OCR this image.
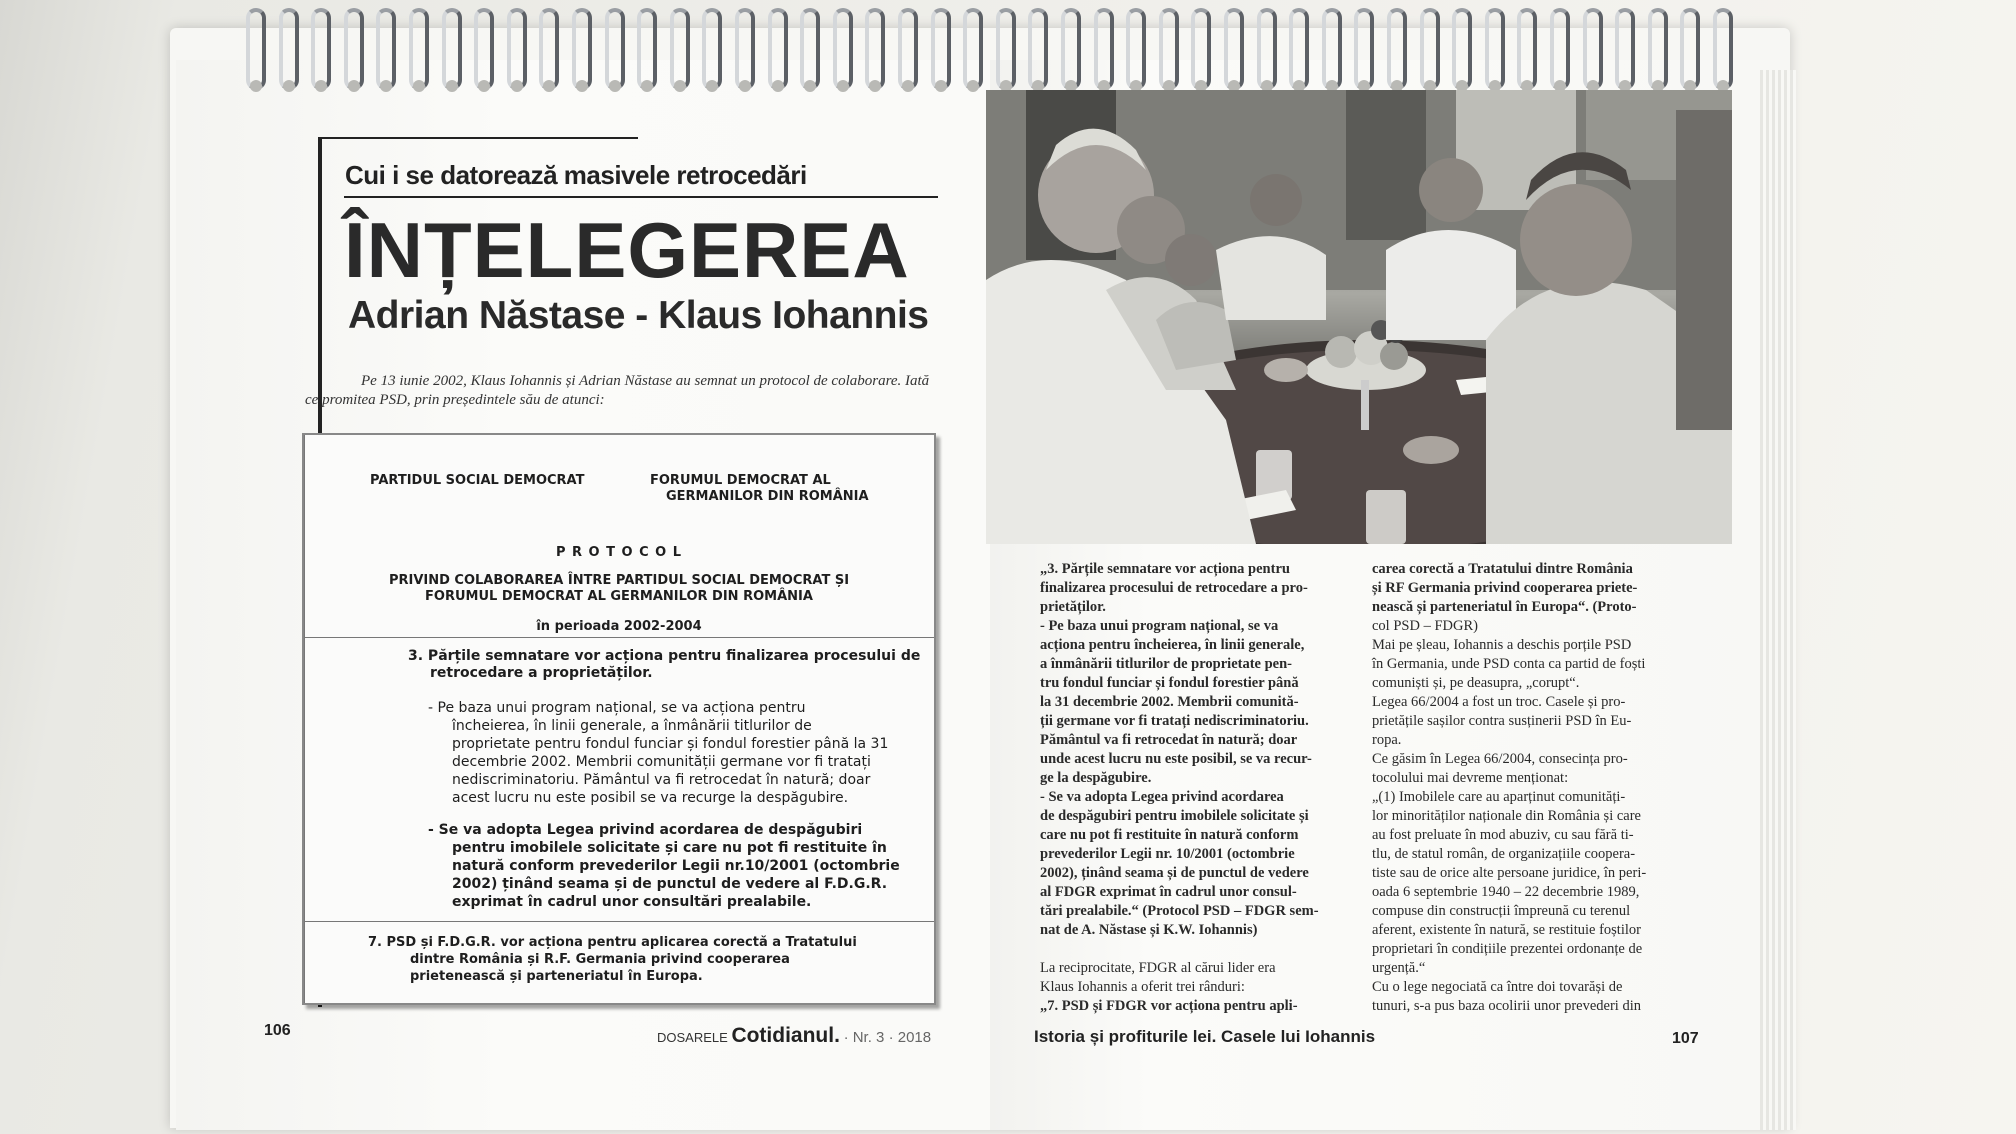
Cui i se datorează masivele retrocedări
ÎNȚELEGEREA
Adrian Năstase - Klaus Iohannis
Pe 13 iunie 2002, Klaus Iohannis și Adrian Năstase au semnat un protocol de colaborare. Iată ce promitea PSD, prin președintele său de atunci:
PARTIDUL SOCIAL DEMOCRAT	FORUMUL DEMOCRAT AL
GERMANILOR DIN ROMÂNIA
P R O T O C O L
PRIVIND COLABORAREA ÎNTRE PARTIDUL SOCIAL DEMOCRAT ȘI
FORUMUL DEMOCRAT AL GERMANILOR DIN ROMÂNIA
în perioada 2002-2004
3. Părțile semnatare vor acționa pentru finalizarea procesului de
retrocedare a proprietăților.
- Pe baza unui program național, se va acționa pentru
încheierea, în linii generale, a înmânării titlurilor de
proprietate pentru fondul funciar și fondul forestier până la 31
decembrie 2002. Membrii comunității germane vor fi tratați
nediscriminatoriu. Pământul va fi retrocedat în natură; doar
acest lucru nu este posibil se va recurge la despăgubire.
- Se va adopta Legea privind acordarea de despăgubiri
pentru imobilele solicitate și care nu pot fi restituite în
natură conform prevederilor Legii nr.10/2001 (octombrie
2002) ținând seama și de punctul de vedere al F.D.G.R.
exprimat în cadrul unor consultări prealabile.
7. PSD și F.D.G.R. vor acționa pentru aplicarea corectă a Tratatului
dintre România și R.F. Germania privind cooperarea
prietenească și parteneriatul în Europa.
106	DOSARELE Cotidianul. · Nr. 3 · 2018

„3. Părțile semnatare vor acționa pentru

finalizarea procesului de retrocedare a pro-

prietăților.

- Pe baza unui program național, se va

acționa pentru încheierea, în linii generale,

a înmânării titlurilor de proprietate pen-

tru fondul funciar și fondul forestier până

la 31 decembrie 2002. Membrii comunită-

ții germane vor fi tratați nediscriminatoriu.

Pământul va fi retrocedat în natură; doar

unde acest lucru nu este posibil, se va recur-

ge la despăgubire.

- Se va adopta Legea privind acordarea

de despăgubiri pentru imobilele solicitate și

care nu pot fi restituite în natură conform

prevederilor Legii nr. 10/2001 (octombrie

2002), ținând seama și de punctul de vedere

al FDGR exprimat în cadrul unor consul-

tări prealabile.“ (Protocol PSD – FDGR sem-

nat de A. Năstase și K.W. Iohannis)

La reciprocitate, FDGR al cărui lider era

Klaus Iohannis a oferit trei rânduri:

„7. PSD și FDGR vor acționa pentru apli-

carea corectă a Tratatului dintre România

și RF Germania privind cooperarea priete-

nească și parteneriatul în Europa“. (Proto-

col PSD – FDGR)

Mai pe șleau, Iohannis a deschis porțile PSD

în Germania, unde PSD conta ca partid de foști

comuniști și, pe deasupra, „corupt“.

Legea 66/2004 a fost un troc. Casele și pro-

prietățile sașilor contra susținerii PSD în Eu-

ropa.

Ce găsim în Legea 66/2004, consecința pro-

tocolului mai devreme menționat:

„(1) Imobilele care au aparținut comunități-

lor minorităților naționale din România și care

au fost preluate în mod abuziv, cu sau fără ti-

tlu, de statul român, de organizațiile coopera-

tiste sau de orice alte persoane juridice, în peri-

oada 6 septembrie 1940 – 22 decembrie 1989,

compuse din construcții împreună cu terenul

aferent, existente în natură, se restituie foștilor

proprietari în condițiile prezentei ordonanțe de

urgență.“

Cu o lege negociată ca între doi tovarăși de

tunuri, s-a pus baza ocolirii unor prevederi din

Istoria și profiturile lei. Casele lui Iohannis	107
